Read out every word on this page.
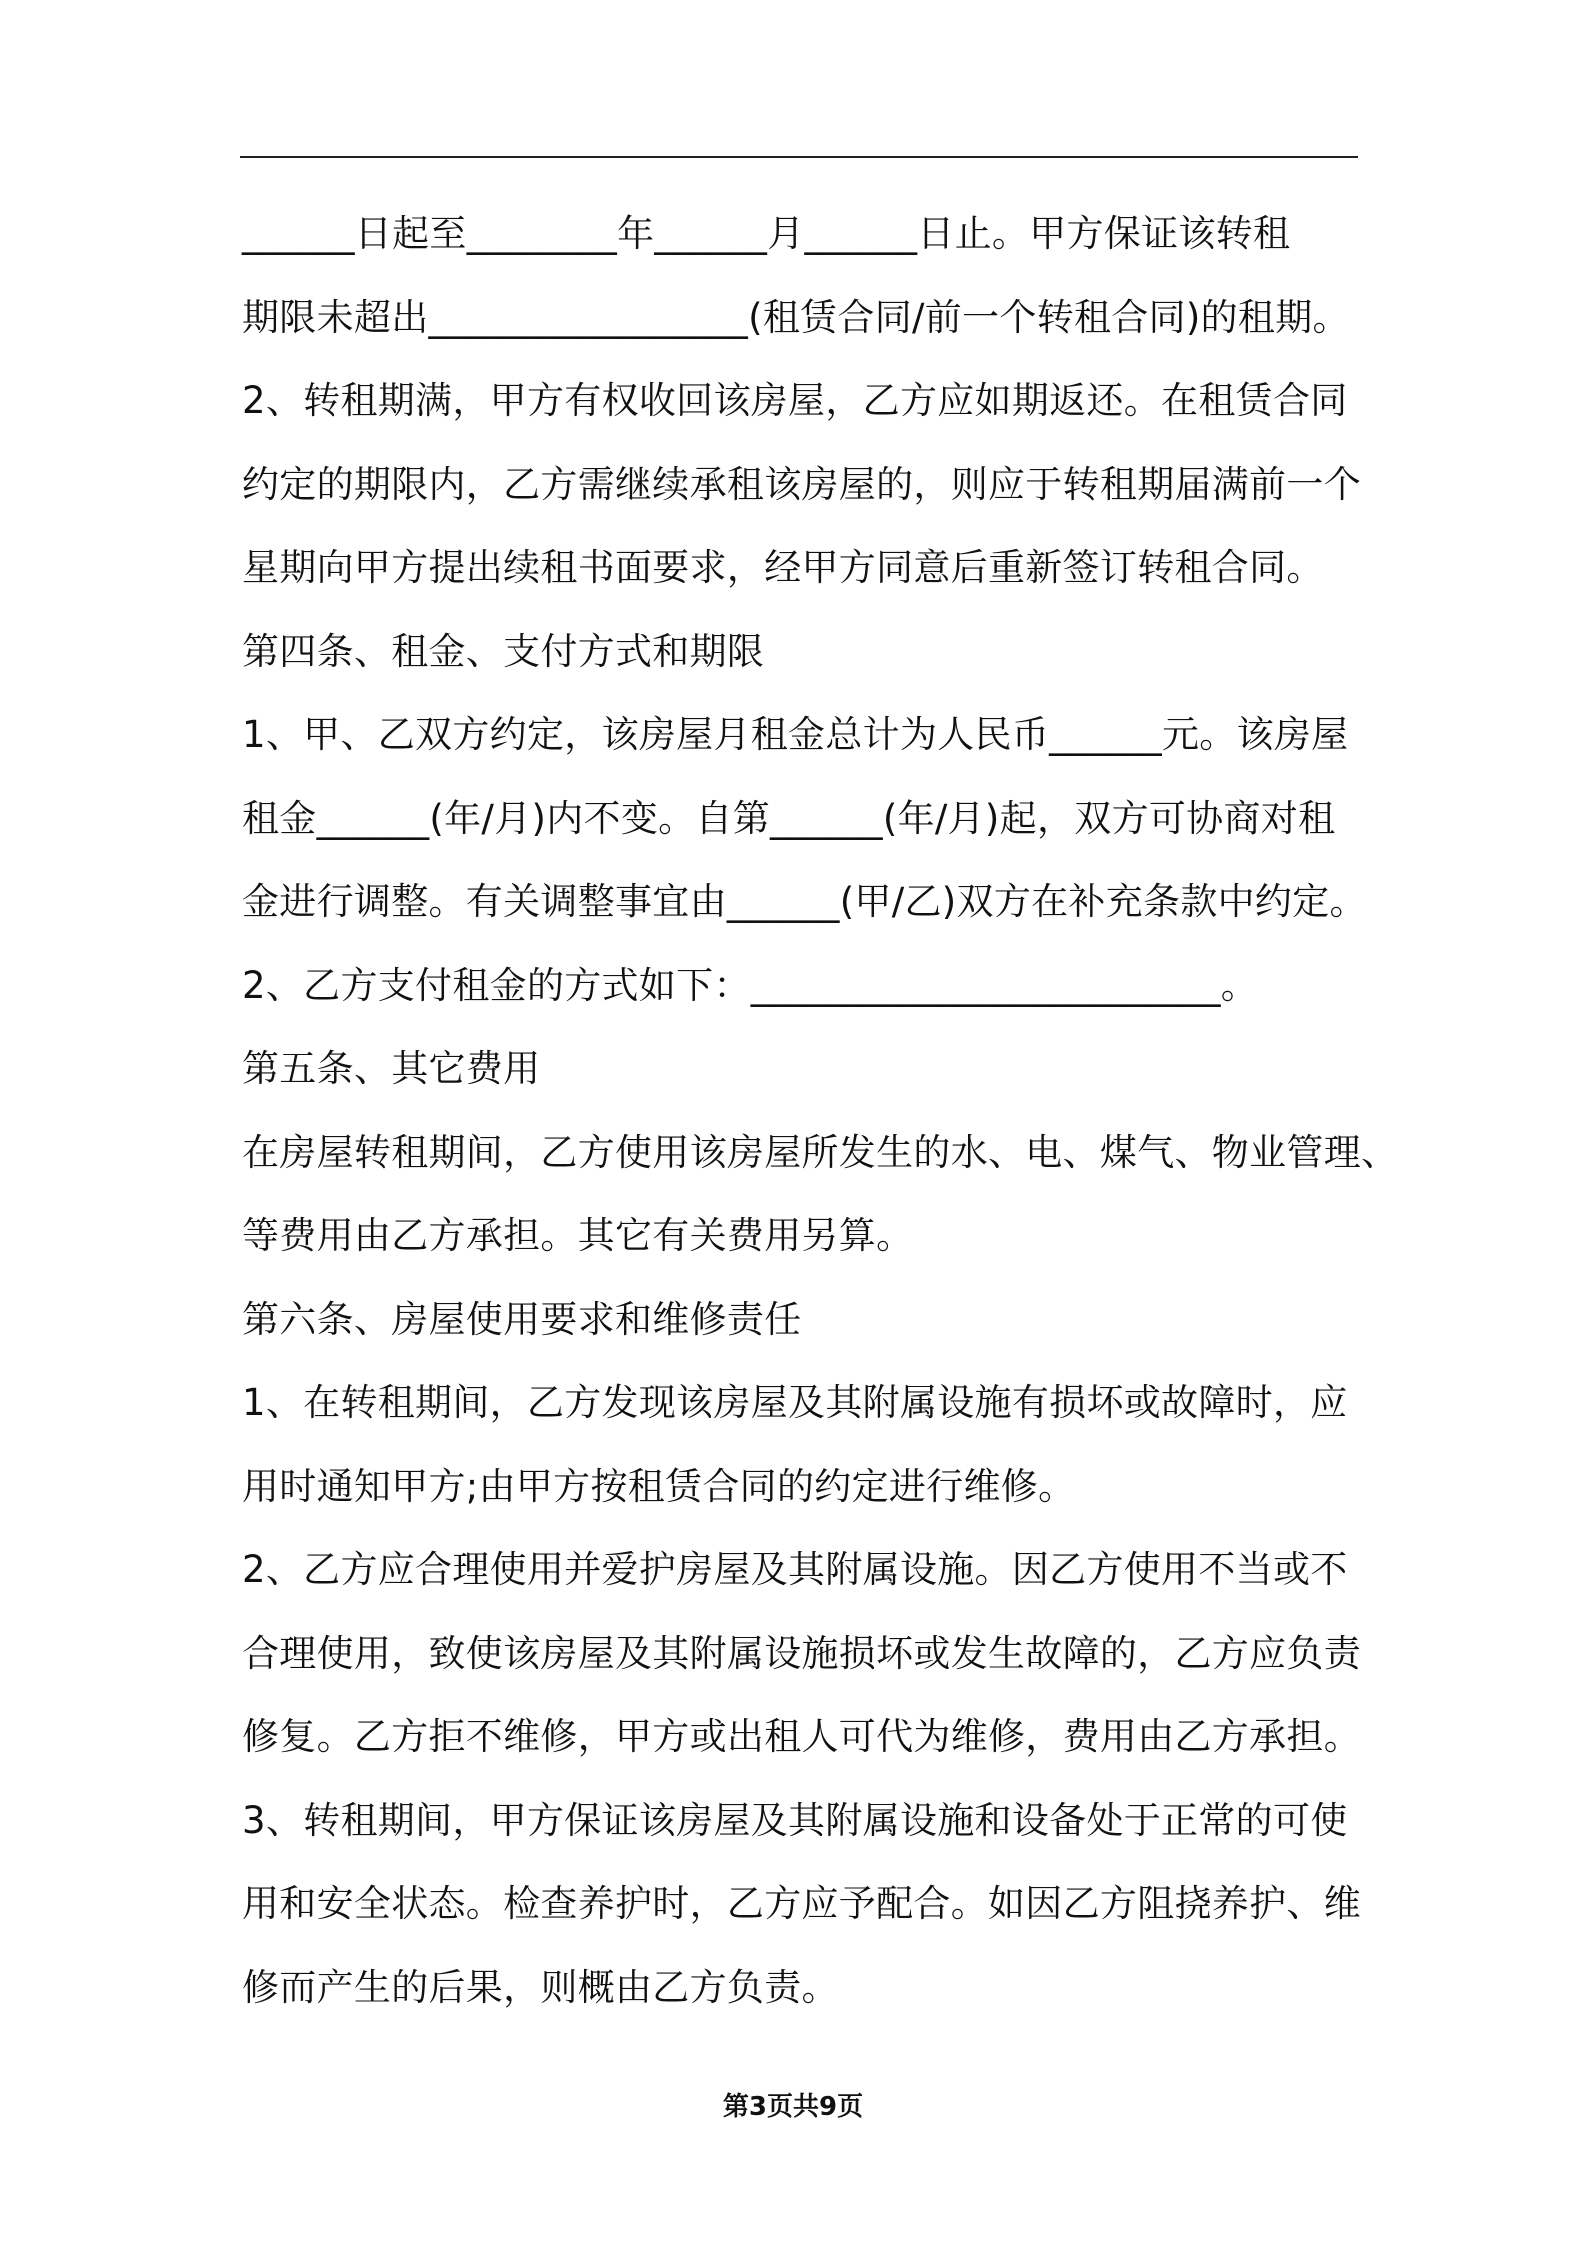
______日起至________年______月______日止。甲方保证该转租
期限未超出_________________(租赁合同/前一个转租合同)的租期。
2、转租期满，甲方有权收回该房屋，乙方应如期返还。在租赁合同
约定的期限内，乙方需继续承租该房屋的，则应于转租期届满前一个
星期向甲方提出续租书面要求，经甲方同意后重新签订转租合同。
第四条、租金、支付方式和期限
1、甲、乙双方约定，该房屋月租金总计为人民币______元。该房屋
租金______(年/月)内不变。自第______(年/月)起，双方可协商对租
金进行调整。有关调整事宜由______(甲/乙)双方在补充条款中约定。
2、乙方支付租金的方式如下：_________________________。
第五条、其它费用
在房屋转租期间，乙方使用该房屋所发生的水、电、煤气、物业管理、
等费用由乙方承担。其它有关费用另算。
第六条、房屋使用要求和维修责任
1、在转租期间，乙方发现该房屋及其附属设施有损坏或故障时，应
用时通知甲方;由甲方按租赁合同的约定进行维修。
2、乙方应合理使用并爱护房屋及其附属设施。因乙方使用不当或不
合理使用，致使该房屋及其附属设施损坏或发生故障的，乙方应负责
修复。乙方拒不维修，甲方或出租人可代为维修，费用由乙方承担。
3、转租期间，甲方保证该房屋及其附属设施和设备处于正常的可使
用和安全状态。检查养护时，乙方应予配合。如因乙方阻挠养护、维
修而产生的后果，则概由乙方负责。
第3页共9页
